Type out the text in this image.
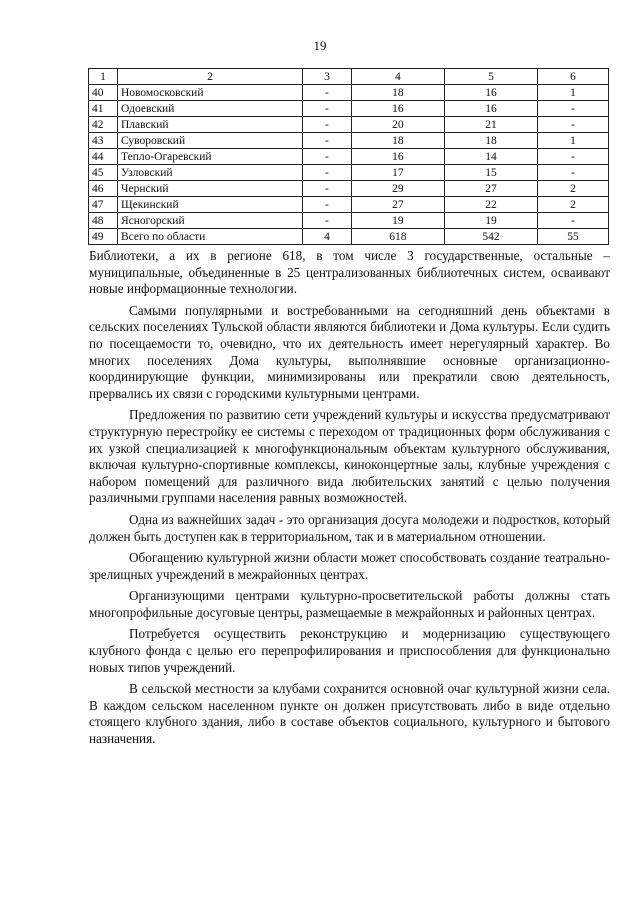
19
1	2	3	4	5	6
40	Новомосковский	-	18	16	1
41	Одоевский	-	16	16	-
42	Плавский	-	20	21	-
43	Суворовский	-	18	18	1
44	Тепло-Огаревский	-	16	14	-
45	Узловский	-	17	15	-
46	Чернский	-	29	27	2
47	Щекинский	-	27	22	2
48	Ясногорский	-	19	19	-
49	Всего по области	4	618	542	55

Библиотеки, а их в регионе 618, в том числе 3 государственные, остальные – муниципальные, объединенные в 25 централизованных библиотечных систем, осваивают новые информационные технологии.

Самыми популярными и востребованными на сегодняшний день объектами в сельских поселениях Тульской области являются библиотеки и Дома культуры. Если судить по посещаемости то, очевидно, что их деятельность имеет нерегулярный характер. Во многих поселениях Дома культуры, выполнявшие основные организационно-координирующие функции, минимизированы или прекратили свою деятельность, прервались их связи с городскими культурными центрами.

Предложения по развитию сети учреждений культуры и искусства предусматривают структурную перестройку ее системы с переходом от традиционных форм обслуживания с их узкой специализацией к многофункциональным объектам культурного обслуживания, включая культурно-спортивные комплексы, киноконцертные залы, клубные учреждения с набором помещений для различного вида любительских занятий с целью получения различными группами населения равных возможностей.

Одна из важнейших задач - это организация досуга молодежи и подростков, который должен быть доступен как в территориальном, так и в материальном отношении.

Обогащению культурной жизни области может способствовать создание театрально-зрелищных учреждений в межрайонных центрах.

Организующими центрами культурно-просветительской работы должны стать многопрофильные досуговые центры, размещаемые в межрайонных и районных центрах.

Потребуется осуществить реконструкцию и модернизацию существующего клубного фонда с целью его перепрофилирования и приспособления для функционально новых типов учреждений.

В сельской местности за клубами сохранится основной очаг культурной жизни села. В каждом сельском населенном пункте он должен присутствовать либо в виде отдельно стоящего клубного здания, либо в составе объектов социального, культурного и бытового назначения.
